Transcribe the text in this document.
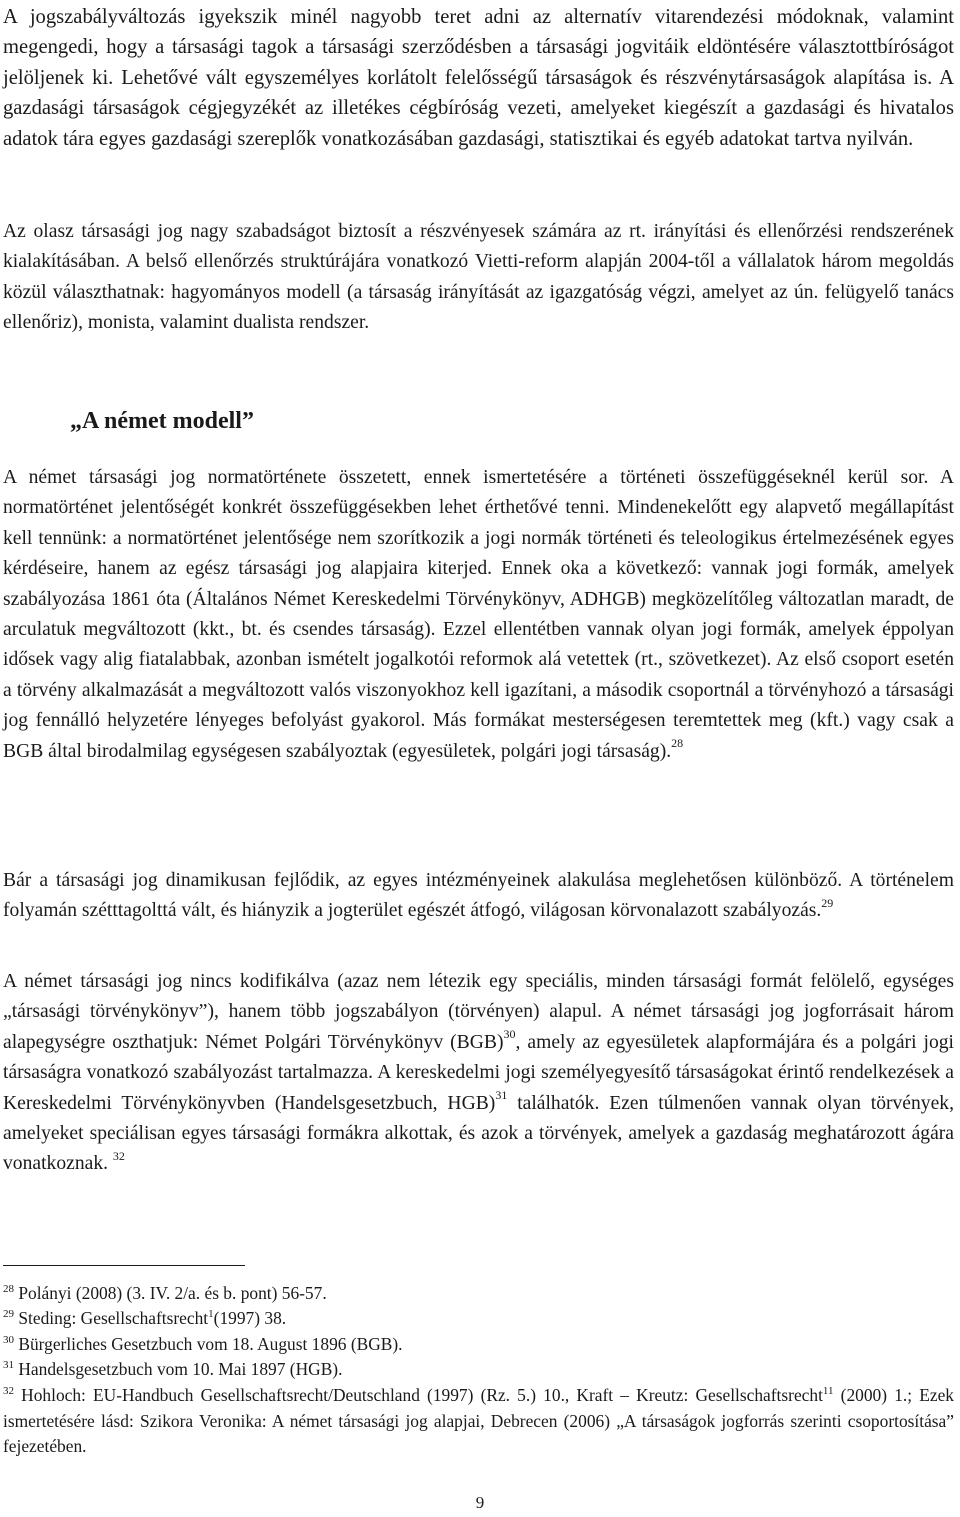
A jogszabályváltozás igyekszik minél nagyobb teret adni az alternatív vitarendezési módoknak, valamint megengedi, hogy a társasági tagok a társasági szerződésben a társasági jogvitáik eldöntésére választottbíróságot jelöljenek ki. Lehetővé vált egyszemélyes korlátolt felelősségű társaságok és részvénytársaságok alapítása is. A gazdasági társaságok cégjegyzékét az illetékes cégbíróság vezeti, amelyeket kiegészít a gazdasági és hivatalos adatok tára egyes gazdasági szereplők vonatkozásában gazdasági, statisztikai és egyéb adatokat tartva nyilván.

Az olasz társasági jog nagy szabadságot biztosít a részvényesek számára az rt. irányítási és ellenőrzési rendszerének kialakításában. A belső ellenőrzés struktúrájára vonatkozó Vietti-reform alapján 2004-től a vállalatok három megoldás közül választhatnak: hagyományos modell (a társaság irányítását az igazgatóság végzi, amelyet az ún. felügyelő tanács ellenőriz), monista, valamint dualista rendszer.

„A német modell”

A német társasági jog normatörténete összetett, ennek ismertetésére a történeti összefüggéseknél kerül sor. A normatörténet jelentőségét konkrét összefüggésekben lehet érthetővé tenni. Mindenekelőtt egy alapvető megállapítást kell tennünk: a normatörténet jelentősége nem szorítkozik a jogi normák történeti és teleologikus értelmezésének egyes kérdéseire, hanem az egész társasági jog alapjaira kiterjed. Ennek oka a következő: vannak jogi formák, amelyek szabályozása 1861 óta (Általános Német Kereskedelmi Törvénykönyv, ADHGB) megközelítőleg változatlan maradt, de arculatuk megváltozott (kkt., bt. és csendes társaság). Ezzel ellentétben vannak olyan jogi formák, amelyek éppolyan idősek vagy alig fiatalabbak, azonban ismételt jogalkotói reformok alá vetettek (rt., szövetkezet). Az első csoport esetén a törvény alkalmazását a megváltozott valós viszonyokhoz kell igazítani, a második csoportnál a törvényhozó a társasági jog fennálló helyzetére lényeges befolyást gyakorol. Más formákat mesterségesen teremtettek meg (kft.) vagy csak a BGB által birodalmilag egységesen szabályoztak (egyesületek, polgári jogi társaság).$^{28}$

Bár a társasági jog dinamikusan fejlődik, az egyes intézményeinek alakulása meglehetősen különböző. A történelem folyamán szétttagolttá vált, és hiányzik a jogterület egészét átfogó, világosan körvonalazott szabályozás.$^{29}$

A német társasági jog nincs kodifikálva (azaz nem létezik egy speciális, minden társasági formát felölelő, egységes „társasági törvénykönyv”), hanem több jogszabályon (törvényen) alapul. A német társasági jog jogforrásait három alapegységre oszthatjuk: Német Polgári Törvénykönyv (BGB)$^{30}$, amely az egyesületek alapformájára és a polgári jogi társaságra vonatkozó szabályozást tartalmazza. A kereskedelmi jogi személyegyesítő társaságokat érintő rendelkezések a Kereskedelmi Törvénykönyvben (Handelsgesetzbuch, HGB)$^{31}$ találhatók. Ezen túlmenően vannak olyan törvények, amelyeket speciálisan egyes társasági formákra alkottak, és azok a törvények, amelyek a gazdaság meghatározott ágára vonatkoznak. $^{32}$

$^{28}$ Polányi (2008) (3. IV. 2/a. és b. pont) 56-57.

$^{29}$ Steding: Gesellschaftsrecht$^1$(1997) 38.

$^{30}$ Bürgerliches Gesetzbuch vom 18. August 1896 (BGB).

$^{31}$ Handelsgesetzbuch vom 10. Mai 1897 (HGB).

$^{32}$ Hohloch: EU-Handbuch Gesellschaftsrecht/Deutschland (1997) (Rz. 5.) 10., Kraft – Kreutz: Gesellschaftsrecht$^{11}$ (2000) 1.; Ezek ismertetésére lásd: Szikora Veronika: A német társasági jog alapjai, Debrecen (2006) „A társaságok jogforrás szerinti csoportosítása” fejezetében.

9
